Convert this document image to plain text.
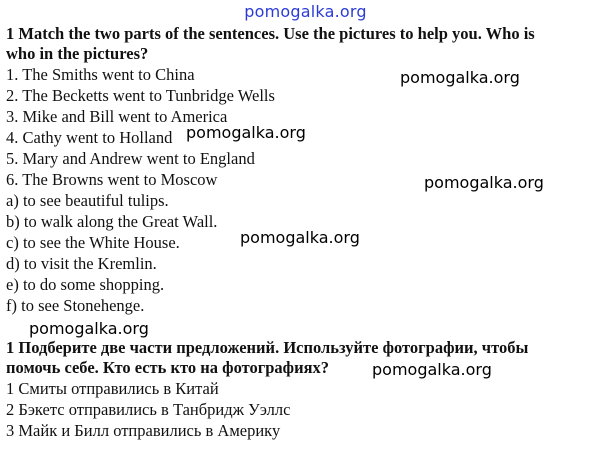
pomogalka.org
1 Match the two parts of the sentences. Use the pictures to help you. Who is
who in the pictures?
1. The Smiths went to China
2. The Becketts went to Tunbridge Wells
3. Mike and Bill went to America
4. Cathy went to Holland
5. Mary and Andrew went to England
6. The Browns went to Moscow
a) to see beautiful tulips.
b) to walk along the Great Wall.
c) to see the White House.
d) to visit the Kremlin.
e) to do some shopping.
f) to see Stonehenge.
1 Подберите две части предложений. Используйте фотографии, чтобы
помочь себе. Кто есть кто на фотографиях?
1 Смиты отправились в Китай
2 Бэкетс отправились в Танбридж Уэллс
3 Майк и Билл отправились в Америку
pomogalka.org
pomogalka.org
pomogalka.org
pomogalka.org
pomogalka.org
pomogalka.org
